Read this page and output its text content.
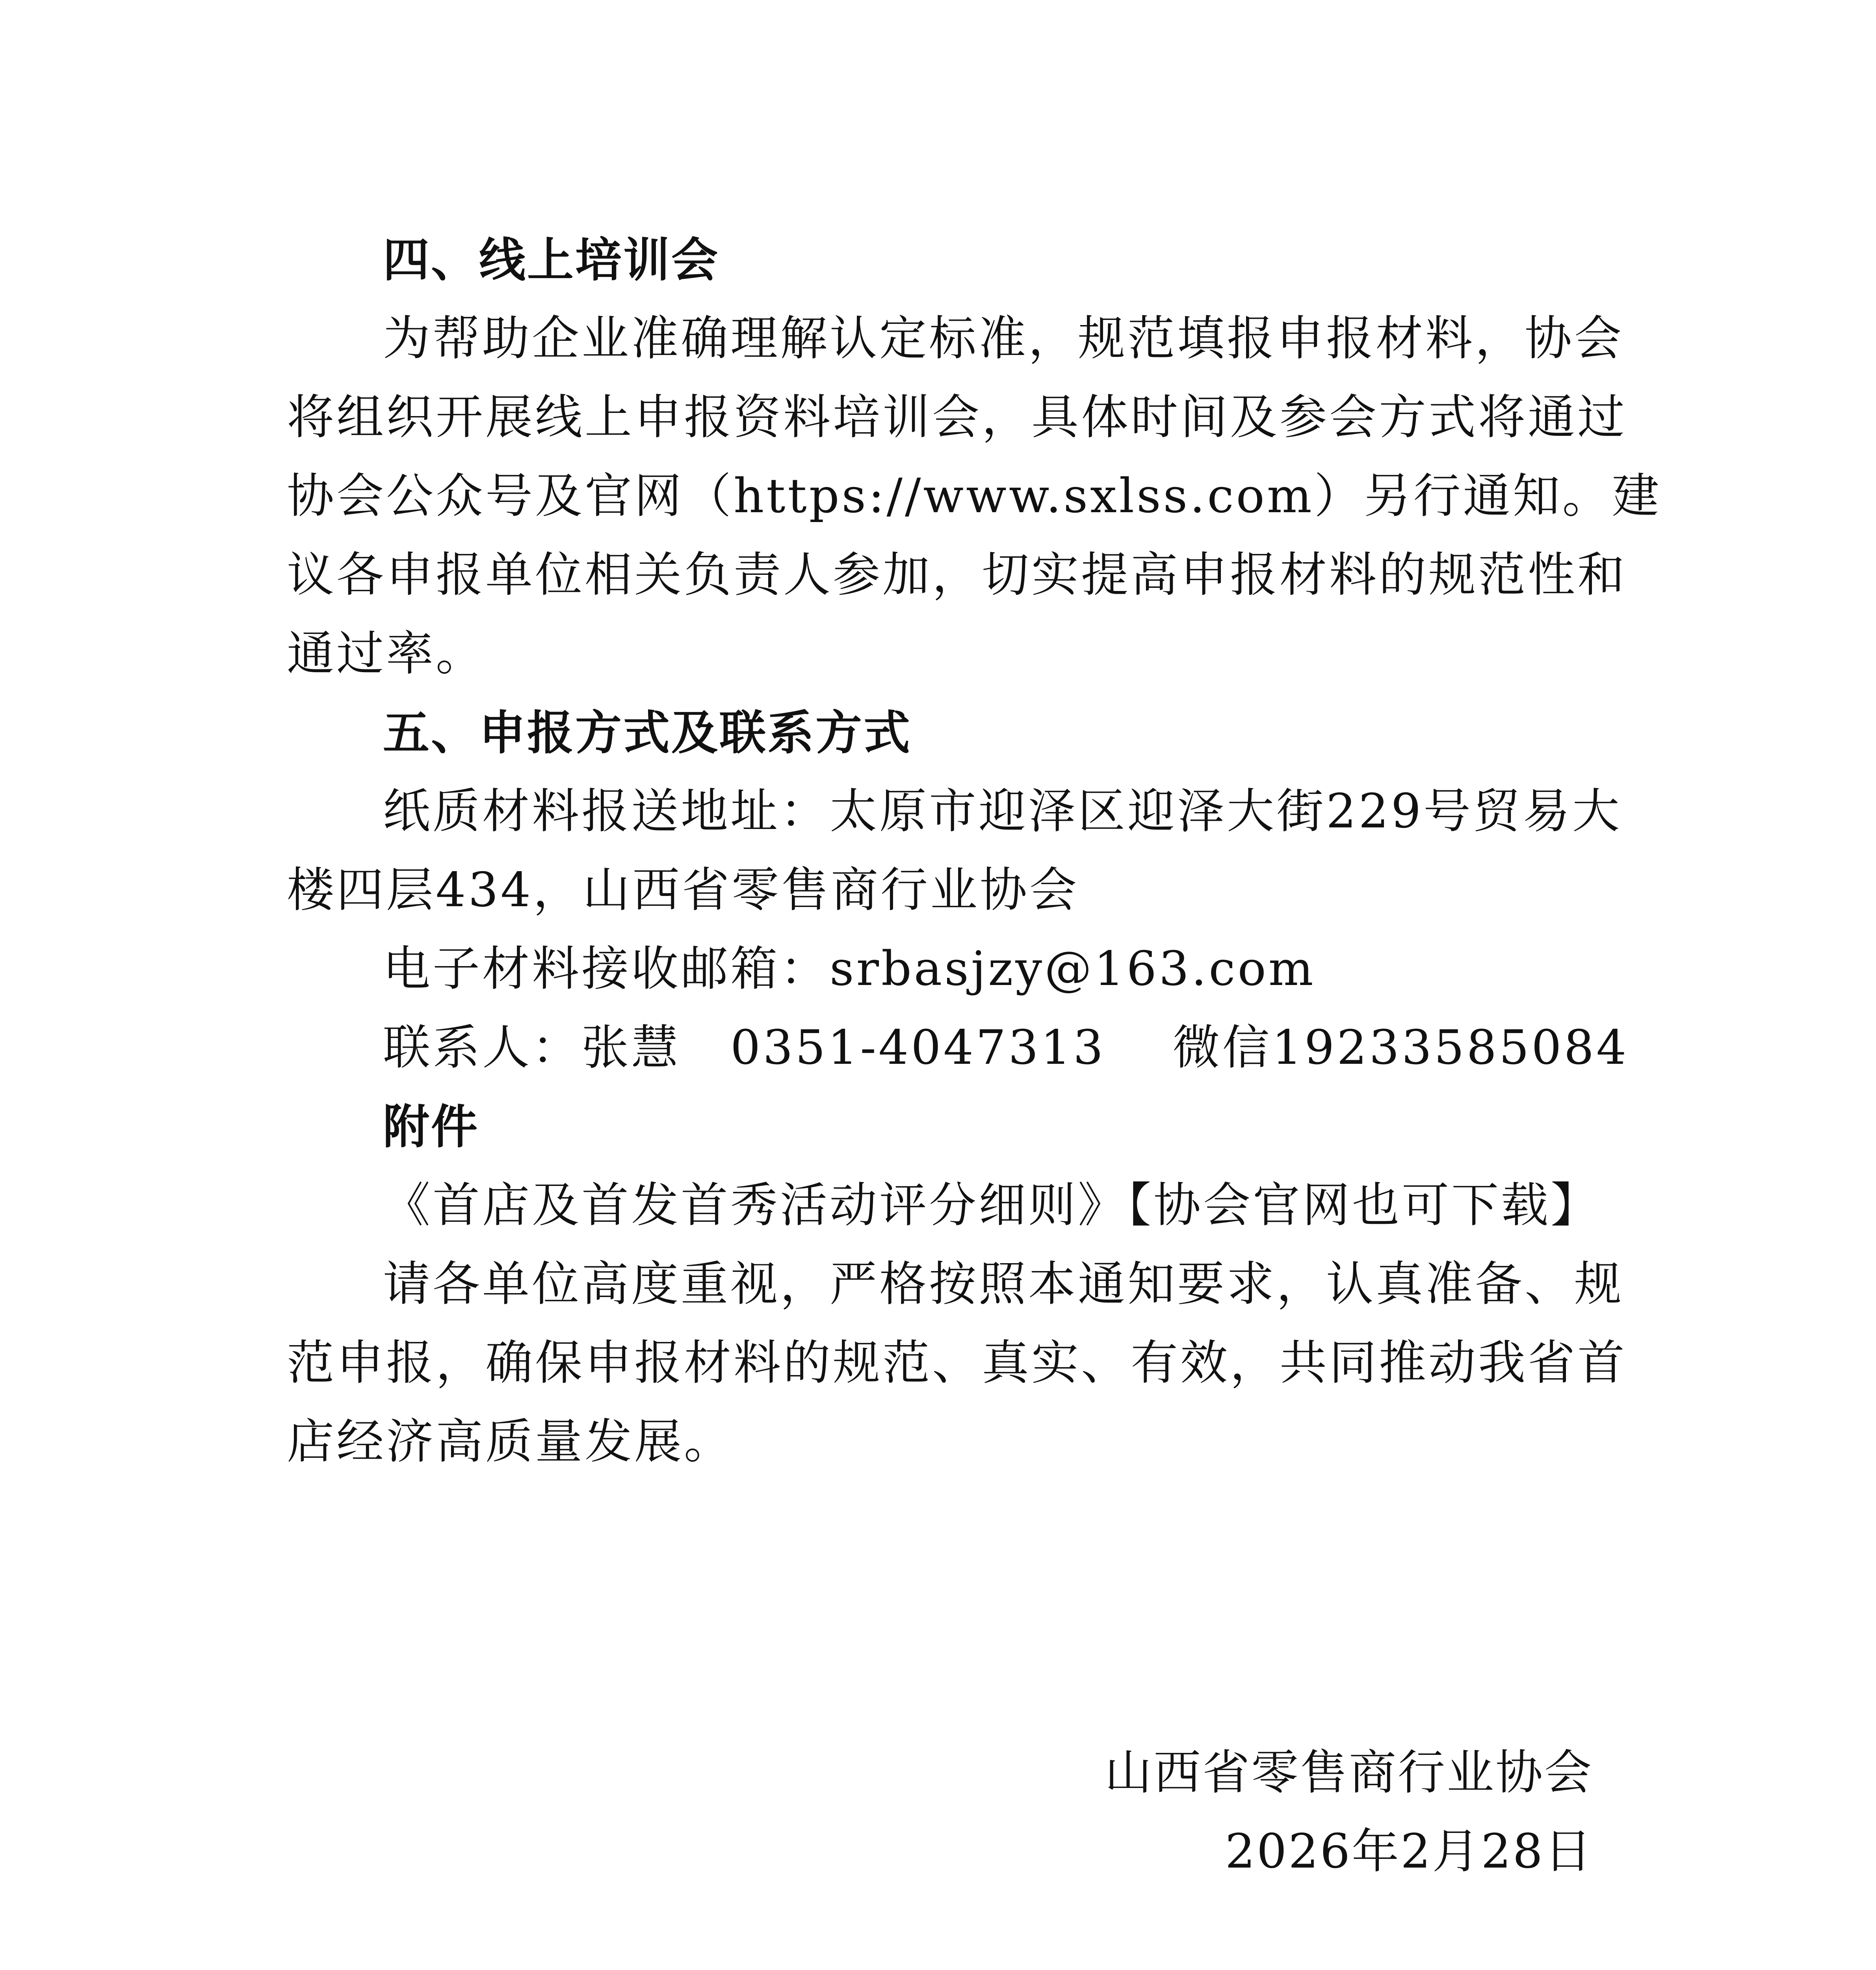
四、线上培训会
为帮助企业准确理解认定标准，规范填报申报材料，协会
将组织开展线上申报资料培训会，具体时间及参会方式将通过
协会公众号及官网（https://www.sxlss.com）另行通知。建
议各申报单位相关负责人参加，切实提高申报材料的规范性和
通过率。
五、申报方式及联系方式
纸质材料报送地址：太原市迎泽区迎泽大街229号贸易大
楼四层434，山西省零售商行业协会
电子材料接收邮箱：srbasjzy@163.com
联系人：张慧　0351-4047313　 微信19233585084
附件
《首店及首发首秀活动评分细则》【协会官网也可下载】
请各单位高度重视，严格按照本通知要求，认真准备、规
范申报，确保申报材料的规范、真实、有效，共同推动我省首
店经济高质量发展。
山西省零售商行业协会
2026年2月28日
